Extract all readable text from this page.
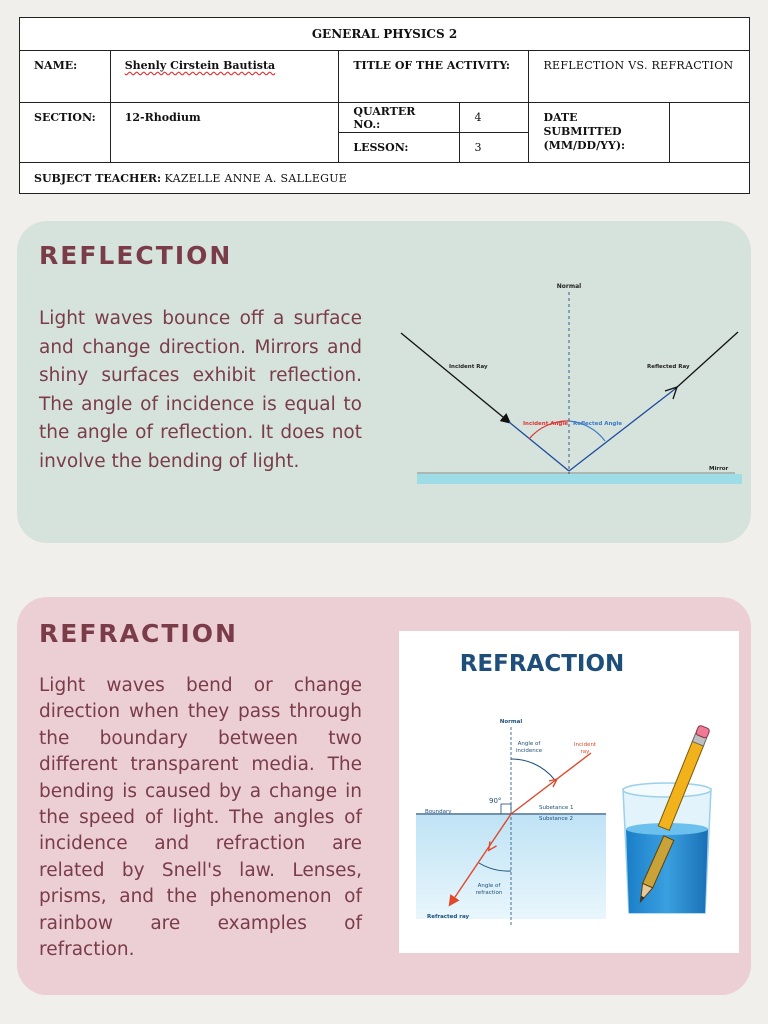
GENERAL PHYSICS 2					
NAME:	Shenly Cirstein Bautista	TITLE OF THE ACTIVITY:		REFLECTION VS. REFRACTION	
SECTION:	12-Rhodium	QUARTER NO.:	4	DATE SUBMITTED (MM/DD/YY):	
		LESSON:	3		
SUBJECT TEACHER: KAZELLE ANNE A. SALLEGUE					
REFLECTION

Light waves bounce off a surface and change direction. Mirrors and shiny surfaces exhibit reflection. The angle of incidence is equal to the angle of reflection. It does not involve the bending of light.

Normal
Incident Ray	Reflected Ray
Incident Angle Reflected Angle
Mirror
REFRACTION

Light waves bend or change direction when they pass through the boundary between two different transparent media. The bending is caused by a change in the speed of light. The angles of incidence and refraction are related by Snell's law. Lenses, prisms, and the phenomenon of rainbow are examples of refraction.

REFRACTION
Boundary
Subetance 1
Substance 2
Normal
90°
Angle of
incidence
Incident
ray
Angle of
refraction
Refracted ray
